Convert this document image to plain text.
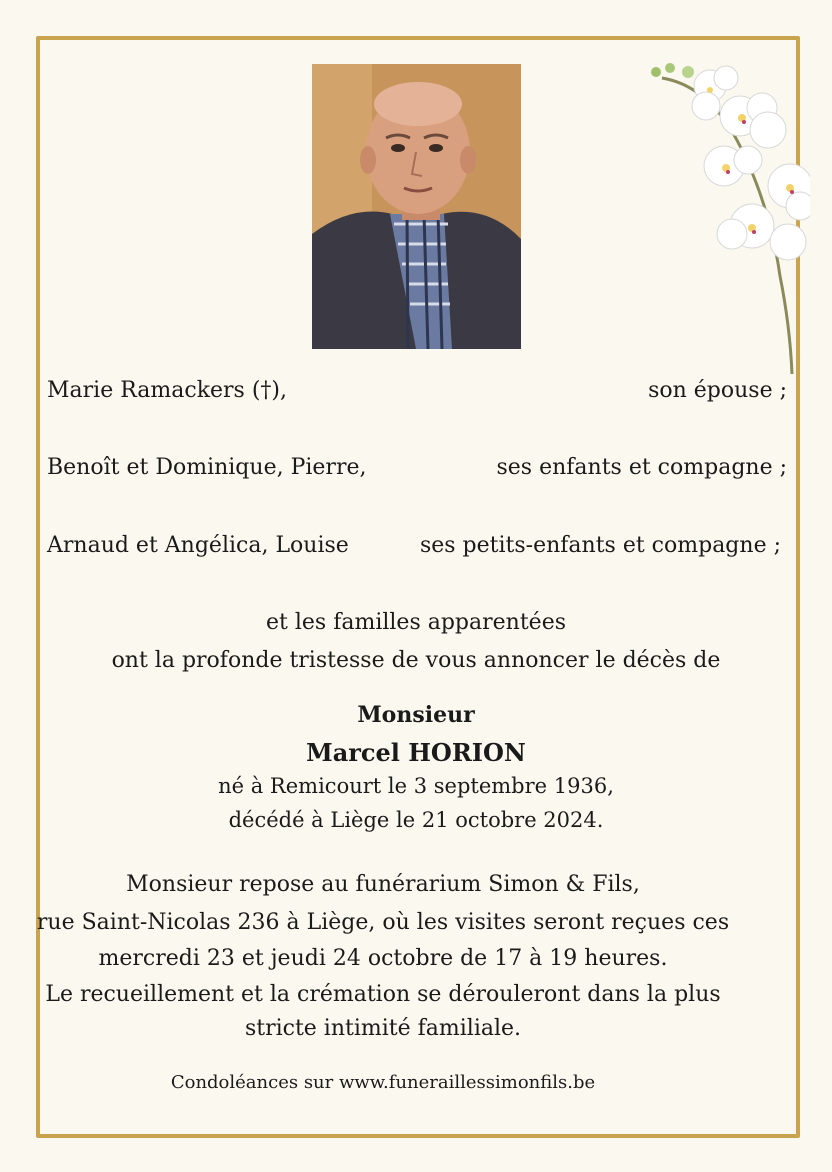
Marie Ramackers (†),	son épouse ;
Benoît et Dominique, Pierre,	ses enfants et compagne ;
Arnaud et Angélica, Louise	ses petits-enfants et compagne ;
et les familles apparentées
ont la profonde tristesse de vous annoncer le décès de
Monsieur
Marcel HORION
né à Remicourt le 3 septembre 1936,
décédé à Liège le 21 octobre 2024.
Monsieur repose au funérarium Simon & Fils,
rue Saint-Nicolas 236 à Liège, où les visites seront reçues ces
mercredi 23 et jeudi 24 octobre de 17 à 19 heures.
Le recueillement et la crémation se dérouleront dans la plus
stricte intimité familiale.
Condoléances sur www.funeraillessimonfils.be
